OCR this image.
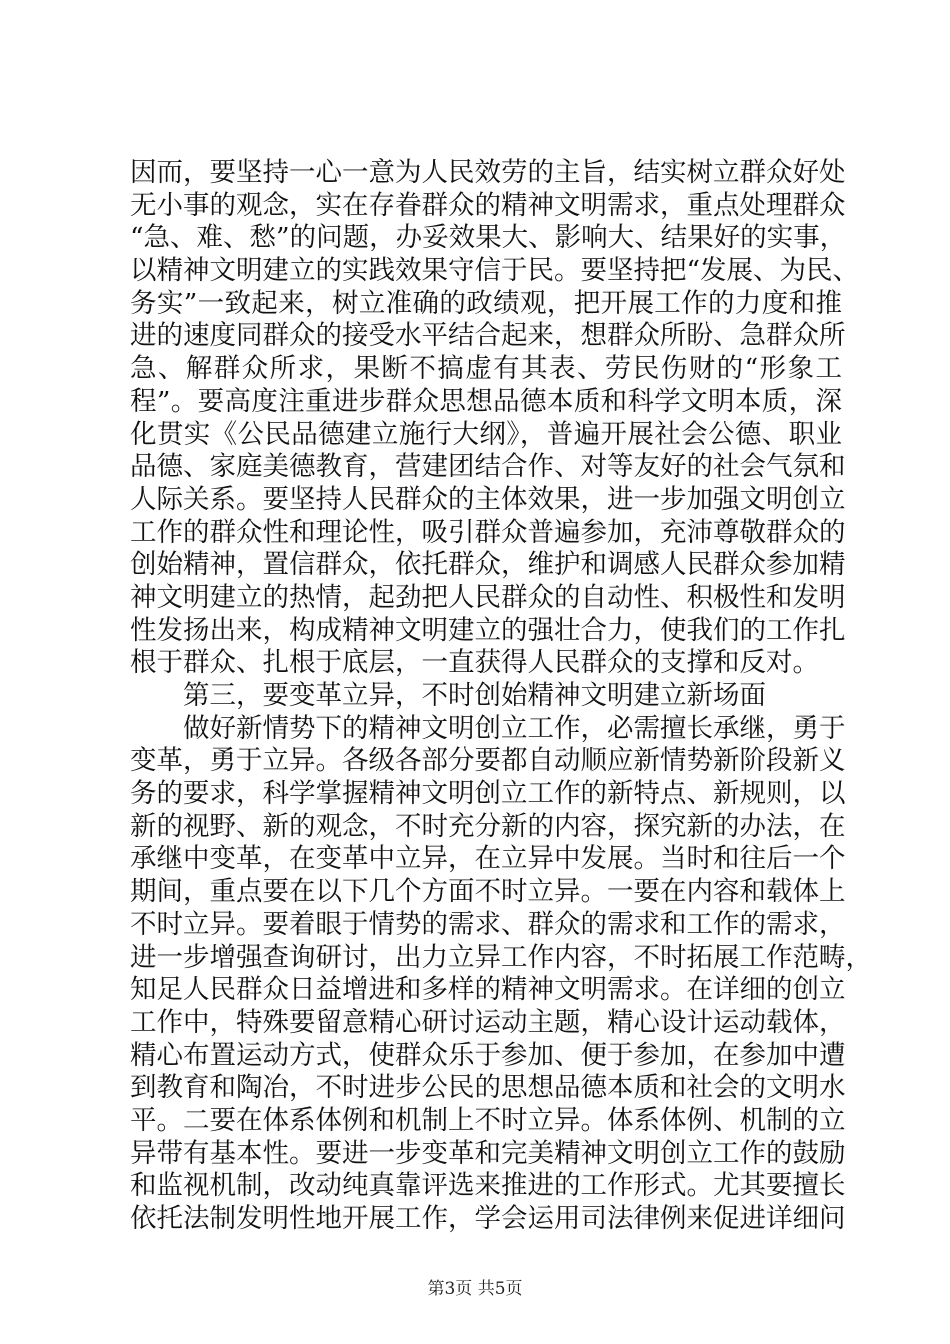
因而，要坚持一心一意为人民效劳的主旨，结实树立群众好处
无小事的观念，实在存眷群众的精神文明需求，重点处理群众
“急、难、愁”的问题，办妥效果大、影响大、结果好的实事，
以精神文明建立的实践效果守信于民。要坚持把“发展、为民、
务实”一致起来，树立准确的政绩观，把开展工作的力度和推
进的速度同群众的接受水平结合起来，想群众所盼、急群众所
急、解群众所求，果断不搞虚有其表、劳民伤财的“形象工
程”。要高度注重进步群众思想品德本质和科学文明本质，深
化贯实《公民品德建立施行大纲》，普遍开展社会公德、职业
品德、家庭美德教育，营建团结合作、对等友好的社会气氛和
人际关系。要坚持人民群众的主体效果，进一步加强文明创立
工作的群众性和理论性，吸引群众普遍参加，充沛尊敬群众的
创始精神，置信群众，依托群众，维护和调感人民群众参加精
神文明建立的热情，起劲把人民群众的自动性、积极性和发明
性发扬出来，构成精神文明建立的强壮合力，使我们的工作扎
根于群众、扎根于底层，一直获得人民群众的支撑和反对。
第三，要变革立异，不时创始精神文明建立新场面
做好新情势下的精神文明创立工作，必需擅长承继，勇于
变革，勇于立异。各级各部分要都自动顺应新情势新阶段新义
务的要求，科学掌握精神文明创立工作的新特点、新规则，以
新的视野、新的观念，不时充分新的内容，探究新的办法，在
承继中变革，在变革中立异，在立异中发展。当时和往后一个
期间，重点要在以下几个方面不时立异。一要在内容和载体上
不时立异。要着眼于情势的需求、群众的需求和工作的需求，
进一步增强查询研讨，出力立异工作内容，不时拓展工作范畴，
知足人民群众日益增进和多样的精神文明需求。在详细的创立
工作中，特殊要留意精心研讨运动主题，精心设计运动载体，
精心布置运动方式，使群众乐于参加、便于参加，在参加中遭
到教育和陶冶，不时进步公民的思想品德本质和社会的文明水
平。二要在体系体例和机制上不时立异。体系体例、机制的立
异带有基本性。要进一步变革和完美精神文明创立工作的鼓励
和监视机制，改动纯真靠评选来推进的工作形式。尤其要擅长
依托法制发明性地开展工作，学会运用司法律例来促进详细问
第3页 共5页
